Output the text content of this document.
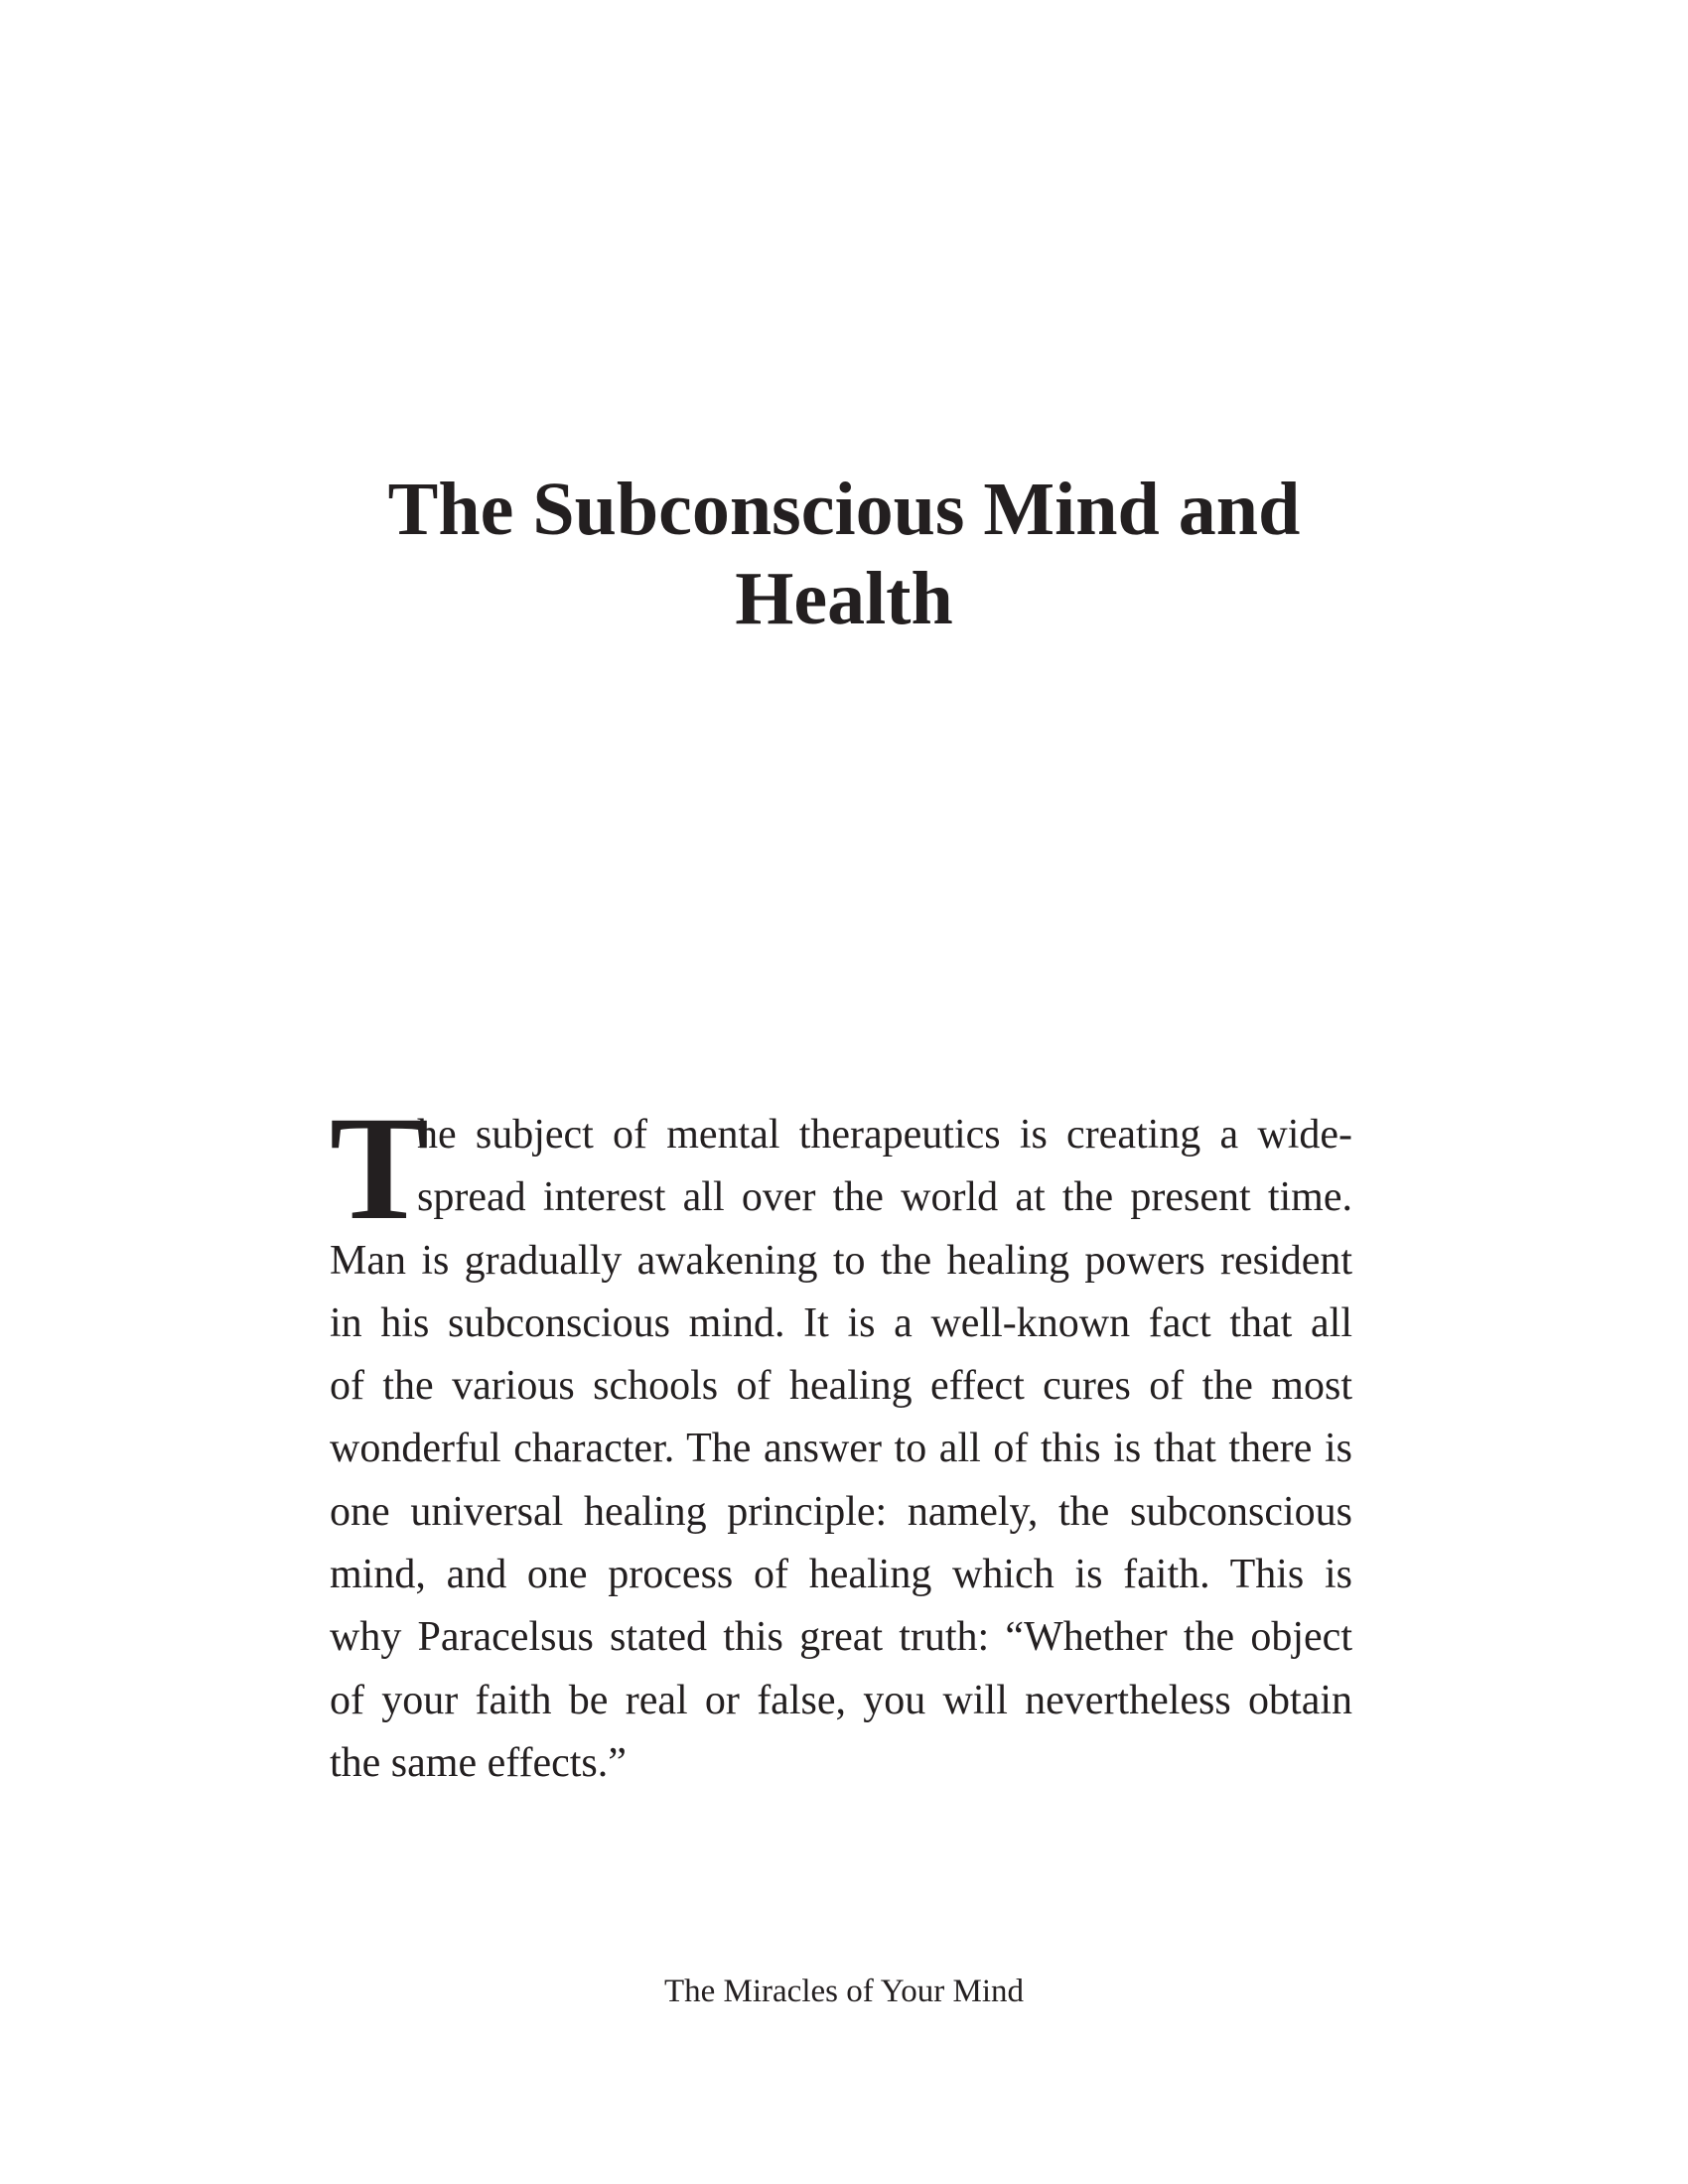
The Subconscious Mind and
Health
T
he subject of mental therapeutics is creating a wide-
spread interest all over the world at the present time.
Man is gradually awakening to the healing powers resident
in his subconscious mind. It is a well-known fact that all
of the various schools of healing effect cures of the most
wonderful character. The answer to all of this is that there is
one universal healing principle: namely, the subconscious
mind, and one process of healing which is faith. This is
why Paracelsus stated this great truth: “Whether the object
of your faith be real or false, you will nevertheless obtain
the same effects.”
The Miracles of Your Mind
